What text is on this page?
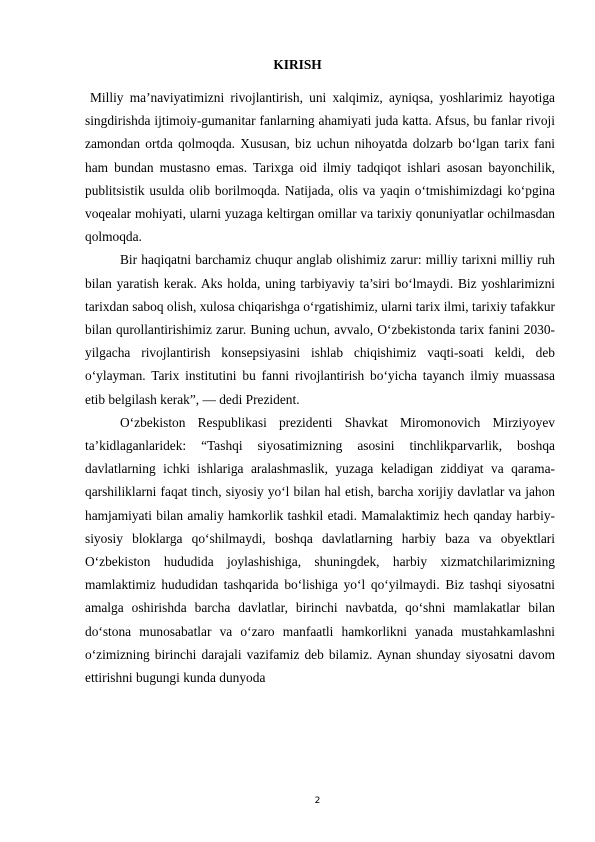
KIRISH

Milliy ma’naviyatimizni rivojlantirish, uni xalqimiz, ayniqsa, yoshlarimiz hayotiga singdirishda ijtimoiy-gumanitar fanlarning ahamiyati juda katta. Afsus, bu fanlar rivoji zamondan ortda qolmoqda. Xususan, biz uchun nihoyatda dolzarb bo‘lgan tarix fani ham bundan mustasno emas. Tarixga oid ilmiy tadqiqot ishlari asosan bayonchilik, publitsistik usulda olib borilmoqda. Natijada, olis va yaqin o‘tmishimizdagi ko‘pgina voqealar mohiyati, ularni yuzaga keltirgan omillar va tarixiy qonuniyatlar ochilmasdan qolmoqda.

Bir haqiqatni barchamiz chuqur anglab olishimiz zarur: milliy tarixni milliy ruh bilan yaratish kerak. Aks holda, uning tarbiyaviy ta’siri bo‘lmaydi. Biz yoshlarimizni tarixdan saboq olish, xulosa chiqarishga o‘rgatishimiz, ularni tarix ilmi, tarixiy tafakkur bilan qurollantirishimiz zarur. Buning uchun, avvalo, O‘zbekistonda tarix fanini 2030-yilgacha rivojlantirish konsepsiyasini ishlab chiqishimiz vaqti-soati keldi, deb o‘ylayman. Tarix institutini bu fanni rivojlantirish bo‘yicha tayanch ilmiy muassasa etib belgilash kerak”, — dedi Prezident.

O‘zbekiston Respublikasi prezidenti Shavkat Miromonovich Mirziyoyev ta’kidlaganlaridek: “Tashqi siyosatimizning asosini tinchlikparvarlik, boshqa davlatlarning ichki ishlariga aralashmaslik, yuzaga keladigan ziddiyat va qarama-qarshiliklarni faqat tinch, siyosiy yo‘l bilan hal etish, barcha xorijiy davlatlar va jahon hamjamiyati bilan amaliy hamkorlik tashkil etadi. Mamalaktimiz hech qanday harbiy-siyosiy bloklarga qo‘shilmaydi, boshqa davlatlarning harbiy baza va obyektlari O‘zbekiston hududida joylashishiga, shuningdek, harbiy xizmatchilarimizning mamlaktimiz hududidan tashqarida bo‘lishiga yo‘l qo‘yilmaydi. Biz tashqi siyosatni amalga oshirishda barcha davlatlar, birinchi navbatda, qo‘shni mamlakatlar bilan do‘stona munosabatlar va o‘zaro manfaatli hamkorlikni yanada mustahkamlashni o‘zimizning birinchi darajali vazifamiz deb bilamiz. Aynan shunday siyosatni davom ettirishni bugungi kunda dunyoda

2
